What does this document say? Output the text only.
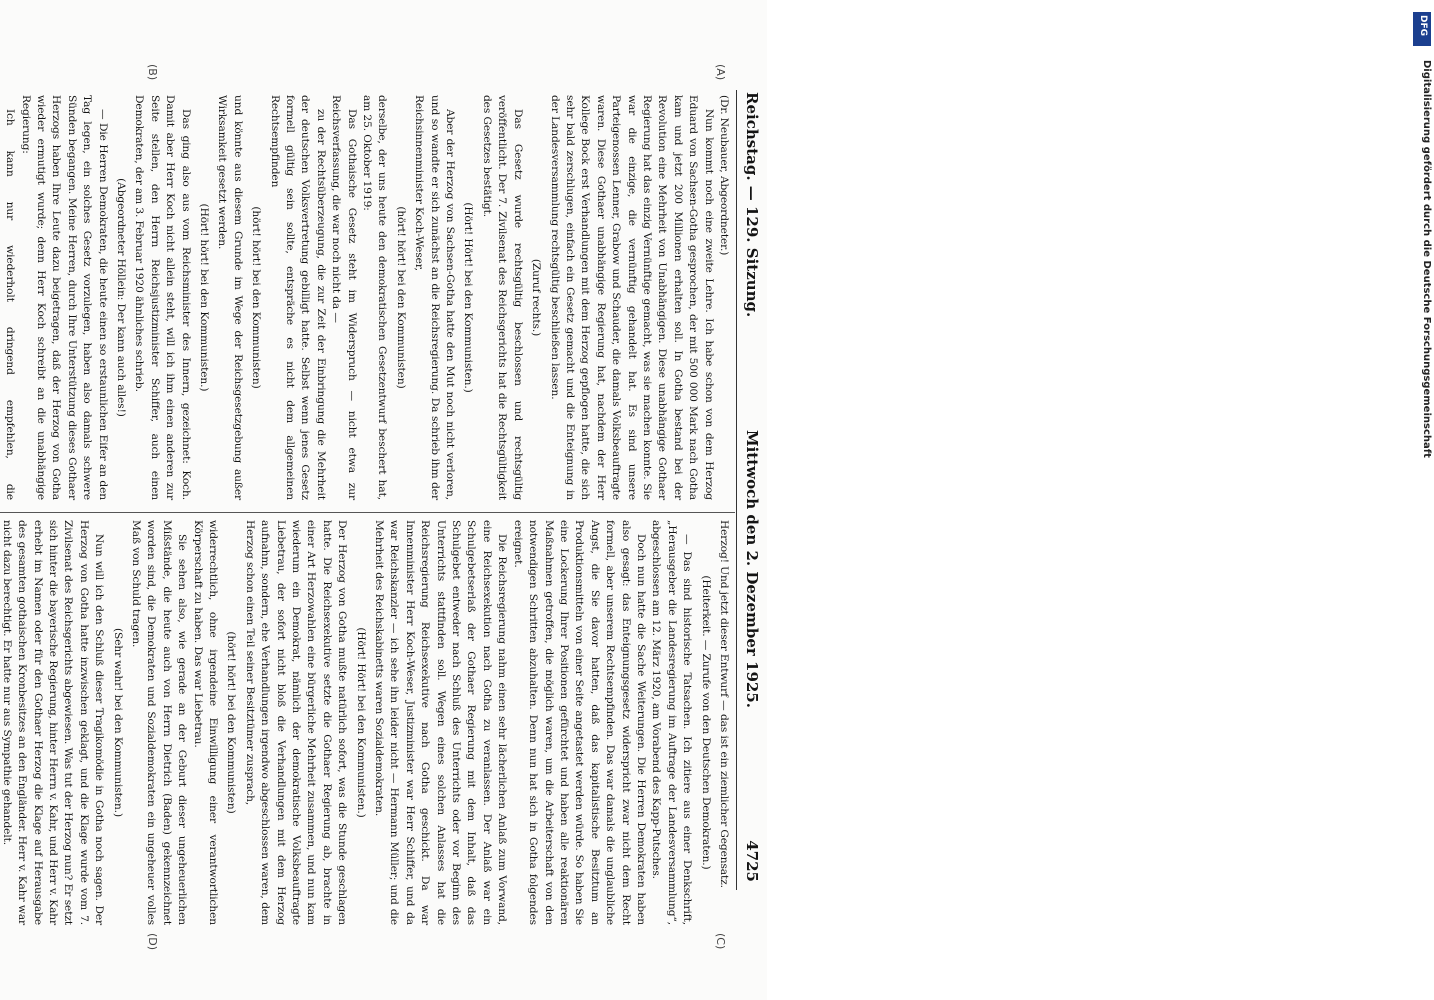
Reichstag. — 129. Sitzung.
Mittwoch den 2. Dezember 1925.
4725
(A)
(B)
(C)
(D)

(Dr. Neubauer, Abgeordneter.)

Nun kommt noch eine zweite Lehre. Ich habe schon von dem Herzog Eduard von Sachsen-Gotha gesprochen, der mit 500 000 Mark nach Gotha kam und jetzt 200 Millionen erhalten soll. In Gotha bestand bei der Revolution eine Mehrheit von Unabhängigen. Diese unabhängige Gothaer Regierung hat das einzig Vernünftige gemacht, was sie machen konnte. Sie war die einzige, die vernünftig gehandelt hat. Es sind unsere Parteigenossen Lenner, Grabow und Schauder, die damals Volksbeauftragte waren. Diese Gothaer unabhängige Regierung hat, nachdem der Herr Kollege Bock erst Verhandlungen mit dem Herzog gepflogen hatte, die sich sehr bald zerschlugen, einfach ein Gesetz gemacht und die Enteignung in der Landesversammlung rechtsgültig beschließen lassen.

(Zuruf rechts.)

Das Gesetz wurde rechtsgültig beschlossen und rechtsgültig veröffentlicht. Der 7. Zivilsenat des Reichsgerichts hat die Rechtsgültigkeit des Gesetzes bestätigt.

(Hört! Hört! bei den Kommunisten.)

Aber der Herzog von Sachsen-Gotha hatte den Mut noch nicht verloren, und so wandte er sich zunächst an die Reichsregierung. Da schrieb ihm der Reichsinnenminister Koch-Weser,

(hört! hört! bei den Kommunisten)

derselbe, der uns heute den demokratischen Gesetzentwurf beschert hat, am 25. Oktober 1919:

Das Gothaische Gesetz steht im Widerspruch — nicht etwa zur Reichsverfassung, die war noch nicht da —

zu der Rechtsüberzeugung, die zur Zeit der Einbringung die Mehrheit der deutschen Volksvertretung gebilligt hatte. Selbst wenn jenes Gesetz formell gültig sein sollte, entspräche es nicht dem allgemeinen Rechtsempfinden

(hört! hört! bei den Kommunisten)

und könnte aus diesem Grunde im Wege der Reichsgesetzgebung außer Wirksamkeit gesetzt werden.

(Hört! hört! bei den Kommunisten.)

Das ging also aus vom Reichsminister des Innern, gezeichnet: Koch. Damit aber Herr Koch nicht allein steht, will ich ihm einen anderen zur Seite stellen, den Herrn Reichsjustizminister Schiffer, auch einen Demokraten, der am 3. Februar 1920 ähnliches schrieb.

(Abgeordneter Höllein: Der kann auch alles!)

— Die Herren Demokraten, die heute einen so erstaunlichen Eifer an den Tag legen, ein solches Gesetz vorzulegen, haben also damals schwere Sünden begangen. Meine Herren, durch Ihre Unterstützung dieses Gothaer Herzogs haben Ihre Leute dazu beigetragen, daß der Herzog von Gotha wieder ermutigt wurde; denn Herr Koch schreibt an die unabhängige Regierung:

Ich kann nur wiederholt dringend empfehlen, die

Herzog! Und jetzt dieser Entwurf — das ist ein ziemlicher Gegensatz.

(Heiterkeit. — Zurufe von den Deutschen Demokraten.)

— Das sind historische Tatsachen. Ich zitiere aus einer Denkschrift, „Herausgeber die Landesregierung im Auftrage der Landesversammlung“, abgeschlossen am 12. März 1920, am Vorabend des Kapp-Putsches.

Doch nun hatte die Sache Weiterungen. Die Herren Demokraten haben also gesagt: das Enteignungsgesetz widerspricht zwar nicht dem Recht formell, aber unserem Rechtsempfinden. Das war damals die unglaubliche Angst, die Sie davor hatten, daß das kapitalistische Besitztum an Produktionsmitteln von einer Seite angetastet werden würde. So haben Sie eine Lockerung Ihrer Positionen gefürchtet und haben alle reaktionären Maßnahmen getroffen, die möglich waren, um die Arbeiterschaft von den notwendigen Schritten abzuhalten. Denn nun hat sich in Gotha folgendes ereignet.

Die Reichsregierung nahm einen sehr lächerlichen Anlaß zum Vorwand, eine Reichsexekution nach Gotha zu veranlassen. Der Anlaß war ein Schulgebetserlaß der Gothaer Regierung mit dem Inhalt, daß das Schulgebet entweder nach Schluß des Unterrichts oder vor Beginn des Unterrichts stattfinden soll. Wegen eines solchen Anlasses hat die Reichsregierung Reichsexekutive nach Gotha geschickt. Da war Innenminister Herr Koch-Weser, Justizminister war Herr Schiffer, und da war Reichskanzler — ich sehe ihn leider nicht — Hermann Müller; und die Mehrheit des Reichskabinetts waren Sozialdemokraten.

(Hört! Hört! bei den Kommunisten.)

Der Herzog von Gotha mußte natürlich sofort, was die Stunde geschlagen hatte. Die Reichsexekutive setzte die Gothaer Regierung ab, brachte in einer Art Herzowahlen eine bürgerliche Mehrheit zusammen, und nun kam wiederum ein Demokrat, nämlich der demokratische Volksbeauftragte Liebetrau, der sofort nicht bloß die Verhandlungen mit dem Herzog aufnahm, sondern, ehe Verhandlungen irgendwo abgeschlossen waren, dem Herzog schon einen Teil seiner Besitztümer zusprach,

(hört! hört! bei den Kommunisten)

widerrechtlich, ohne irgendeine Einwilligung einer verantwortlichen Körperschaft zu haben. Das war Liebetrau.

Sie sehen also, wie gerade an der Geburt dieser ungeheuerlichen Mißstände, die heute auch von Herrn Dietrich (Baden) gekennzeichnet worden sind, die Demokraten und Sozialdemokraten ein ungeheuer volles Maß von Schuld tragen.

(Sehr wahr! bei den Kommunisten.)

Nun will ich den Schluß dieser Tragikomödie in Gotha noch sagen. Der Herzog von Gotha hatte inzwischen geklagt, und die Klage wurde vom 7. Zivilsenat des Reichsgerichts abgewiesen. Was tut der Herzog nun? Er setzt sich hinter die bayerische Regierung, hinter Herrn v. Kahr, und Herr v. Kahr erhebt im Namen oder für den Gothaer Herzog die Klage auf Herausgabe des gesamten gothaischen Kronbesitzes an den Engländer. Herr v. Kahr war nicht dazu berechtigt. Er hatte nur aus Sympathie gehandelt.

DFG
Digitalisierung gefördert durch die Deutsche Forschungsgemeinschaft
